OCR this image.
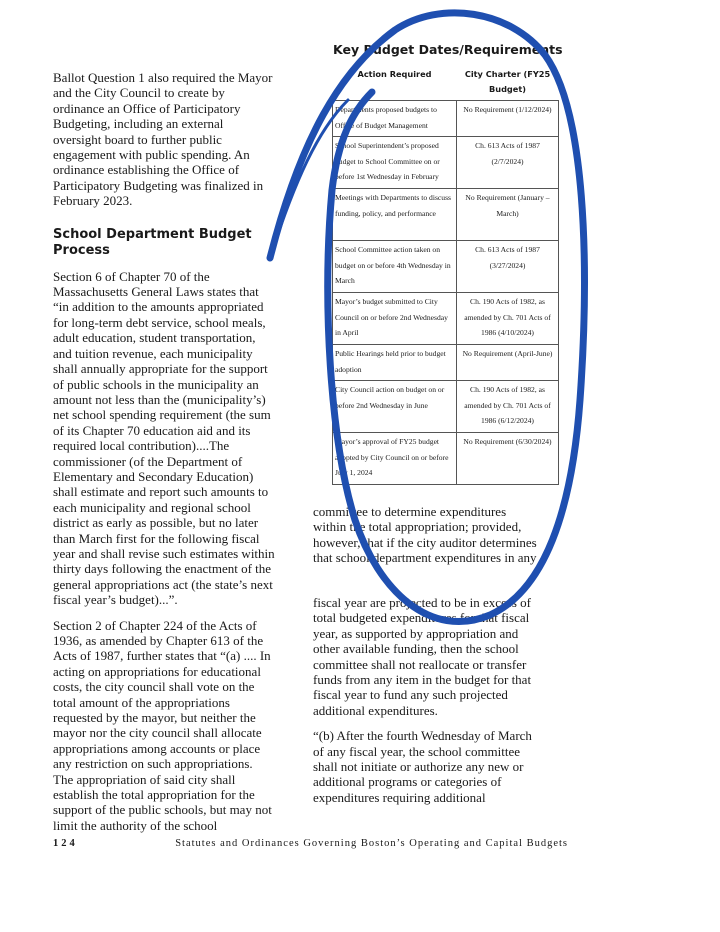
Ballot Question 1 also required the Mayor and the City Council to create by ordinance an Office of Participatory Budgeting, including an external oversight board to further public engagement with public spending. An ordinance establishing the Office of Participatory Budgeting was finalized in February 2023.

School Department Budget Process

Section 6 of Chapter 70 of the Massachusetts General Laws states that “in addition to the amounts appropriated for long-term debt service, school meals, adult education, student transportation, and tuition revenue, each municipality shall annually appropriate for the support of public schools in the municipality an amount not less than the (municipality’s) net school spending requirement (the sum of its Chapter 70 education aid and its required local contribution)....The commissioner (of the Department of Elementary and Secondary Education) shall estimate and report such amounts to each municipality and regional school district as early as possible, but no later than March first for the following fiscal year and shall revise such estimates within thirty days following the enactment of the general appropriations act (the state’s next fiscal year’s budget)...”.

Section 2 of Chapter 224 of the Acts of 1936, as amended by Chapter 613 of the Acts of 1987, further states that “(a) .... In acting on appropriations for educational costs, the city council shall vote on the total amount of the appropriations requested by the mayor, but neither the mayor nor the city council shall allocate appropriations among accounts or place any restriction on such appropriations. The appropriation of said city shall establish the total appropriation for the support of the public schools, but may not limit the authority of the school

Key Budget Dates/Requirements
Action Required	City Charter (FY25 Budget)
Departments proposed budgets to Office of Budget Management	No Requirement (1/12/2024)
School Superintendent’s proposed budget to School Committee on or before 1st Wednesday in February	Ch. 613 Acts of 1987 (2/7/2024)
Meetings with Departments to discuss funding, policy, and performance	No Requirement (January – March)
School Committee action taken on budget on or before 4th Wednesday in March	Ch. 613 Acts of 1987 (3/27/2024)
Mayor’s budget submitted to City Council on or before 2nd Wednesday in April	Ch. 190 Acts of 1982, as amended by Ch. 701 Acts of 1986 (4/10/2024)
Public Hearings held prior to budget adoption	No Requirement (April-June)
City Council action on budget on or before 2nd Wednesday in June	Ch. 190 Acts of 1982, as amended by Ch. 701 Acts of 1986 (6/12/2024)
Mayor’s approval of FY25 budget adopted by City Council on or before July 1, 2024	No Requirement (6/30/2024)

committee to determine expenditures within the total appropriation; provided, however, that if the city auditor determines that school department expenditures in any

fiscal year are projected to be in excess of total budgeted expenditures for that fiscal year, as supported by appropriation and other available funding, then the school committee shall not reallocate or transfer funds from any item in the budget for that fiscal year to fund any such projected additional expenditures.

“(b) After the fourth Wednesday of March of any fiscal year, the school committee shall not initiate or authorize any new or additional programs or categories of expenditures requiring additional

124	Statutes and Ordinances Governing Boston’s Operating and Capital Budgets
